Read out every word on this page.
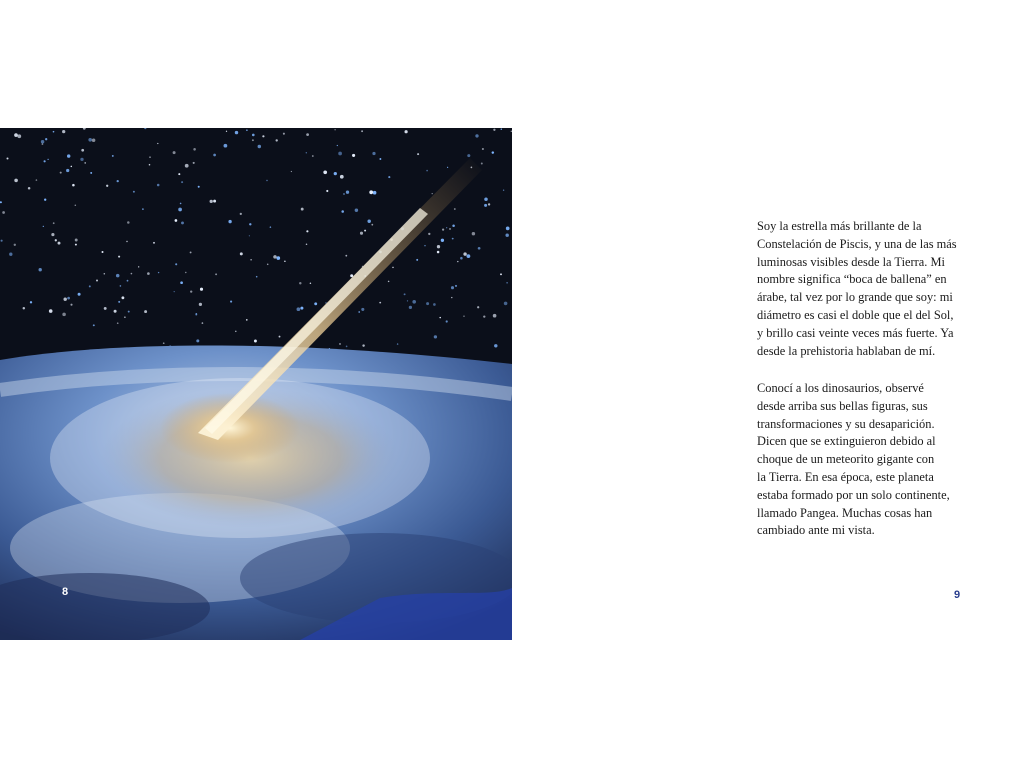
8
Soy la estrella más brillante de la
Constelación de Piscis, y una de las más
luminosas visibles desde la Tierra. Mi
nombre significa “boca de ballena” en
árabe, tal vez por lo grande que soy: mi
diámetro es casi el doble que el del Sol,
y brillo casi veinte veces más fuerte. Ya
desde la prehistoria hablaban de mí.
Conocí a los dinosaurios, observé
desde arriba sus bellas figuras, sus
transformaciones y su desaparición.
Dicen que se extinguieron debido al
choque de un meteorito gigante con
la Tierra. En esa época, este planeta
estaba formado por un solo continente,
llamado Pangea. Muchas cosas han
cambiado ante mi vista.
9
